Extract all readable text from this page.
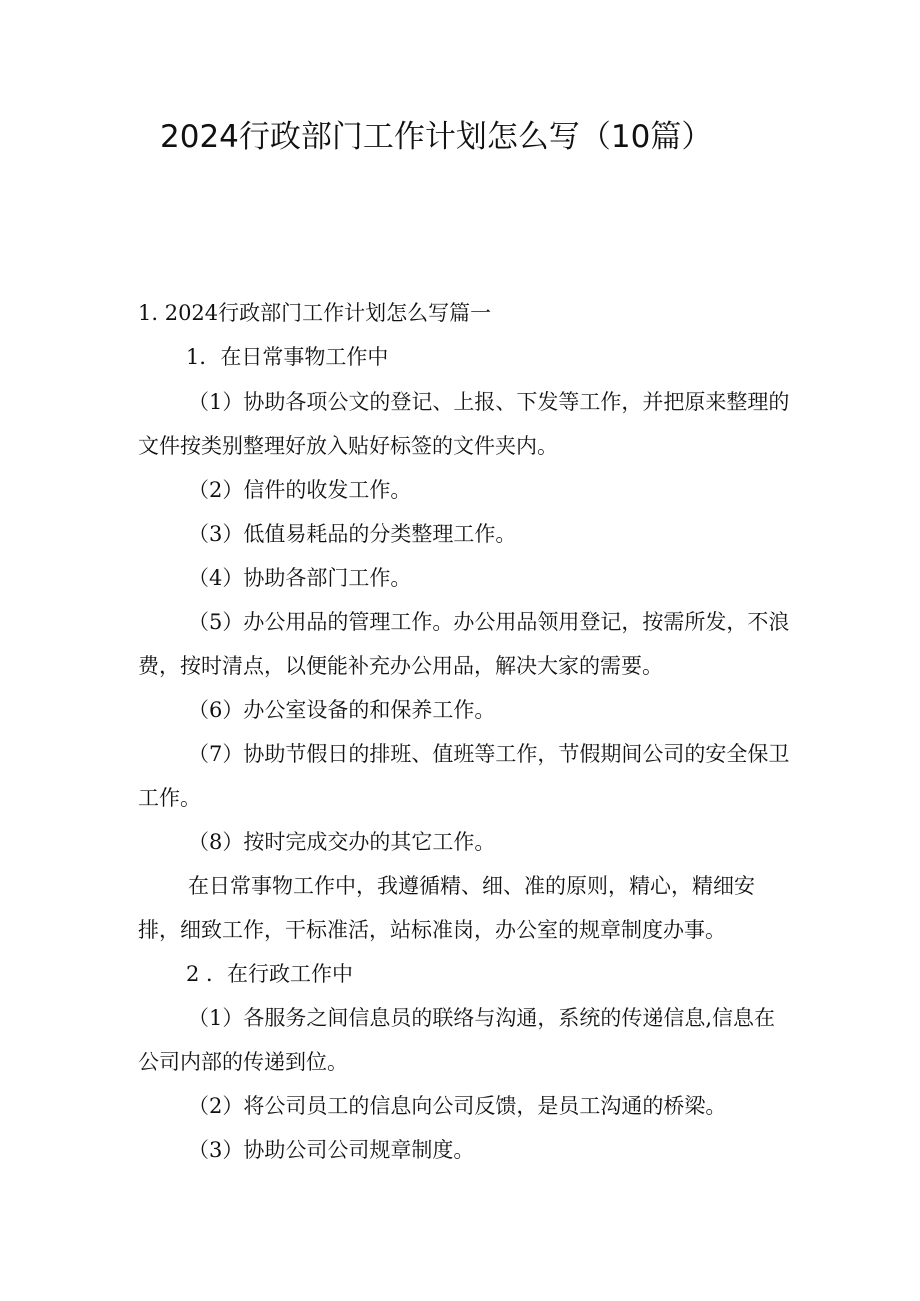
2024行政部门工作计划怎么写（10篇）

1. 2024行政部门工作计划怎么写篇一

1．在日常事物工作中

（1）协助各项公文的登记、上报、下发等工作，并把原来整理的

文件按类别整理好放入贴好标签的文件夹内。

（2）信件的收发工作。

（3）低值易耗品的分类整理工作。

（4）协助各部门工作。

（5）办公用品的管理工作。办公用品领用登记，按需所发，不浪

费，按时清点，以便能补充办公用品，解决大家的需要。

（6）办公室设备的和保养工作。

（7）协助节假日的排班、值班等工作，节假期间公司的安全保卫

工作。

（8）按时完成交办的其它工作。

在日常事物工作中，我遵循精、细、准的原则，精心，精细安

排，细致工作，干标准活，站标准岗，办公室的规章制度办事。

2 ．在行政工作中

（1）各服务之间信息员的联络与沟通，系统的传递信息,信息在

公司内部的传递到位。

（2）将公司员工的信息向公司反馈，是员工沟通的桥梁。

（3）协助公司公司规章制度。
